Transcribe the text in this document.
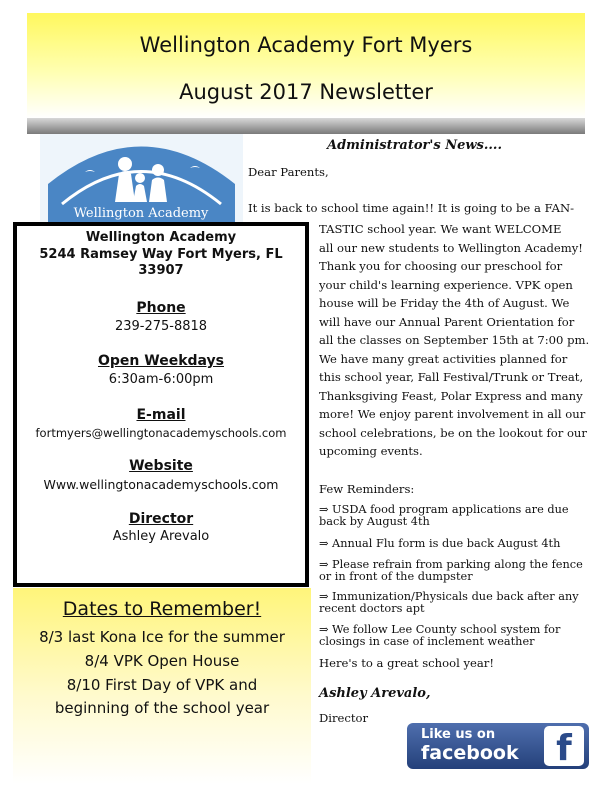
Wellington Academy Fort Myers
August 2017 Newsletter
Wellington Academy
Wellington Academy
5244 Ramsey Way Fort Myers, FL
33907
Phone
239-275-8818
Open Weekdays
6:30am-6:00pm
E-mail
fortmyers@wellingtonacademyschools.com
Website
Www.wellingtonacademyschools.com
Director
Ashley Arevalo
Dates to Remember!
8/3 last Kona Ice for the summer
8/4 VPK Open House
8/10 First Day of VPK and
beginning of the school year
Administrator's News....
Dear Parents,
It is back to school time again!! It is going to be a FAN-
TASTIC school year. We want WELCOME
all our new students to Wellington Academy!
Thank you for choosing our preschool for
your child's learning experience. VPK open
house will be Friday the 4th of August. We
will have our Annual Parent Orientation for
all the classes on September 15th at 7:00 pm.
We have many great activities planned for
this school year, Fall Festival/Trunk or Treat,
Thanksgiving Feast, Polar Express and many
more! We enjoy parent involvement in all our
school celebrations, be on the lookout for our
upcoming events.
Few Reminders:
⇒ USDA food program applications are due back by August 4th
⇒ Annual Flu form is due back August 4th
⇒ Please refrain from parking along the fence or in front of the dumpster
⇒ Immunization/Physicals due back after any recent doctors apt
⇒ We follow Lee County school system for closings in case of inclement weather
Here's to a great school year!
Ashley Arevalo,
Director
Like us on
facebook	f
